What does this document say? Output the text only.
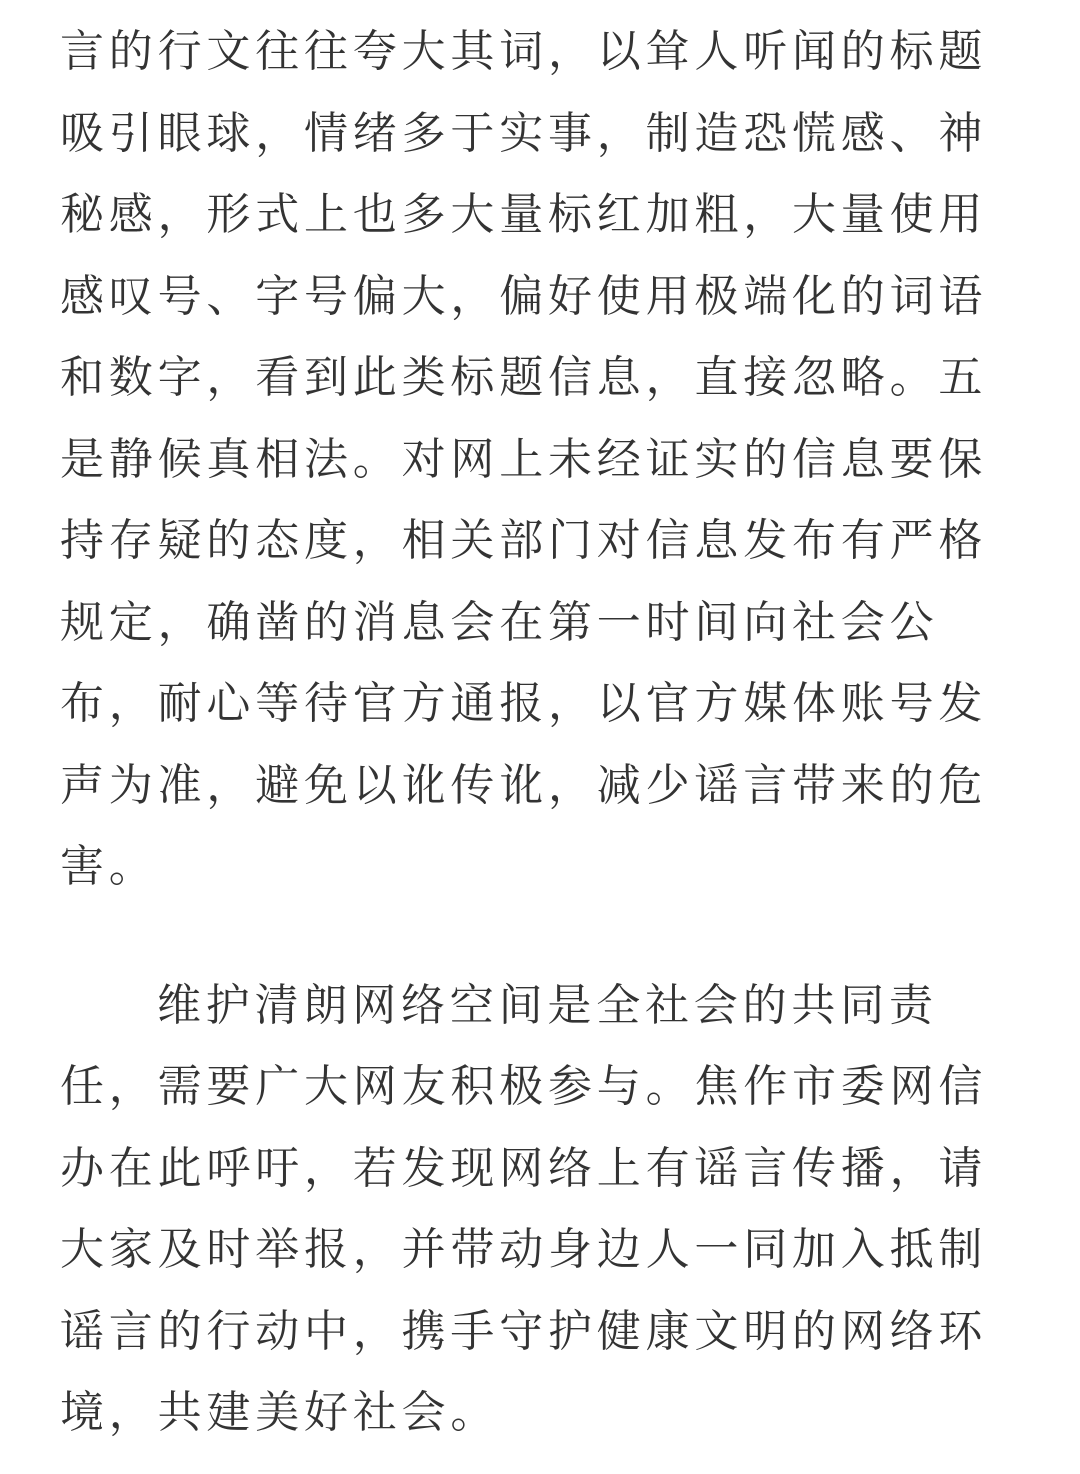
言的行文往往夸大其词，以耸人听闻的标题
吸引眼球，情绪多于实事，制造恐慌感、神
秘感，形式上也多大量标红加粗，大量使用
感叹号、字号偏大，偏好使用极端化的词语
和数字，看到此类标题信息，直接忽略。五
是静候真相法。对网上未经证实的信息要保
持存疑的态度，相关部门对信息发布有严格
规定，确凿的消息会在第一时间向社会公
布，耐心等待官方通报，以官方媒体账号发
声为准，避免以讹传讹，减少谣言带来的危
害。
维护清朗网络空间是全社会的共同责
任，需要广大网友积极参与。焦作市委网信
办在此呼吁，若发现网络上有谣言传播，请
大家及时举报，并带动身边人一同加入抵制
谣言的行动中，携手守护健康文明的网络环
境，共建美好社会。
